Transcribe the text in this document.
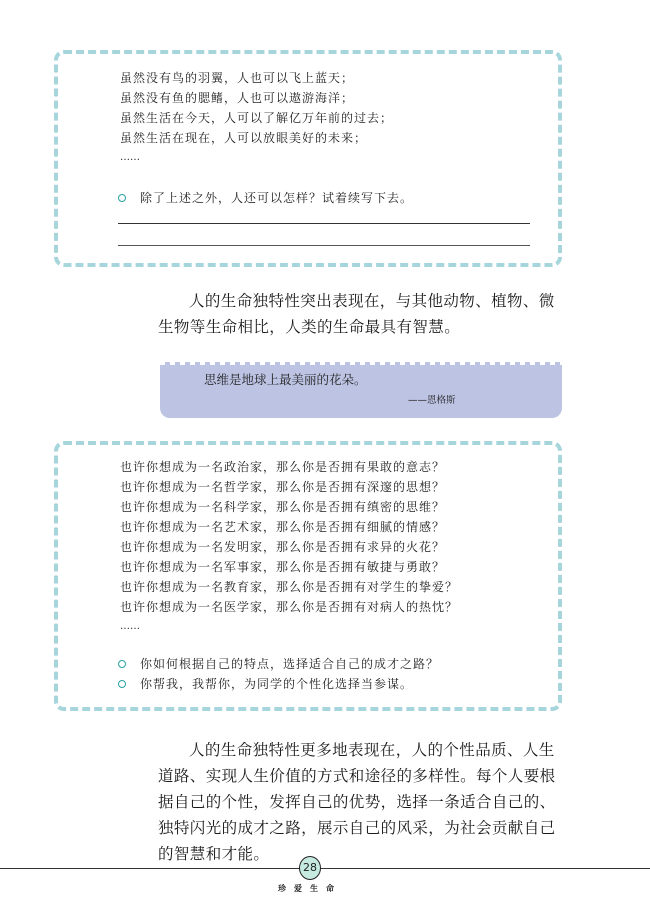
虽然没有鸟的羽翼，人也可以飞上蓝天；
虽然没有鱼的腮鳍，人也可以遨游海洋；
虽然生活在今天，人可以了解亿万年前的过去；
虽然生活在现在，人可以放眼美好的未来；
……
除了上述之外，人还可以怎样？试着续写下去。
人的生命独特性突出表现在，与其他动物、植物、微生物等生命相比，人类的生命最具有智慧。
思维是地球上最美丽的花朵。
——恩格斯
也许你想成为一名政治家，那么你是否拥有果敢的意志？
也许你想成为一名哲学家，那么你是否拥有深邃的思想？
也许你想成为一名科学家，那么你是否拥有缜密的思维？
也许你想成为一名艺术家，那么你是否拥有细腻的情感？
也许你想成为一名发明家，那么你是否拥有求异的火花？
也许你想成为一名军事家，那么你是否拥有敏捷与勇敢？
也许你想成为一名教育家，那么你是否拥有对学生的挚爱？
也许你想成为一名医学家，那么你是否拥有对病人的热忱？
……
你如何根据自己的特点，选择适合自己的成才之路？
你帮我，我帮你，为同学的个性化选择当参谋。
人的生命独特性更多地表现在，人的个性品质、人生道路、实现人生价值的方式和途径的多样性。每个人要根据自己的个性，发挥自己的优势，选择一条适合自己的、独特闪光的成才之路，展示自己的风采，为社会贡献自己的智慧和才能。
28
珍爱生命
